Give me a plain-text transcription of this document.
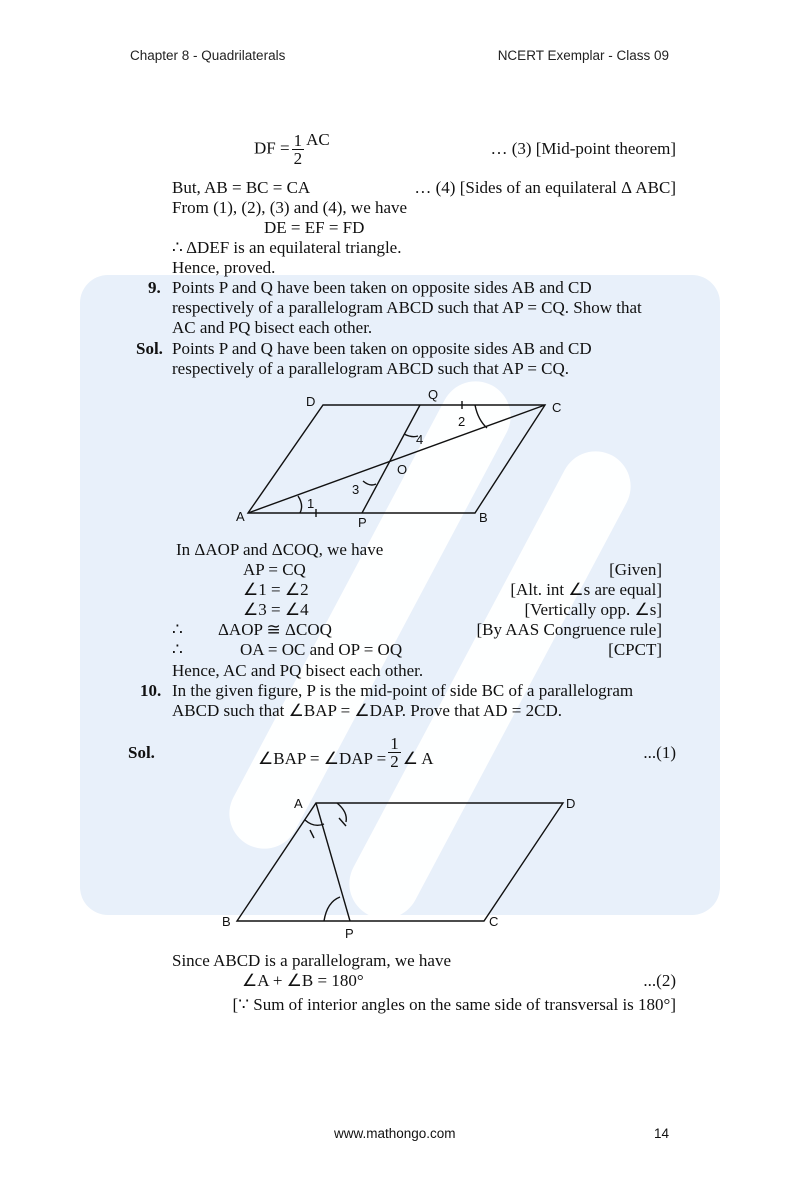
Chapter 8 - Quadrilaterals	NCERT Exemplar - Class 09
DF = $\frac{1}{2}$ AC	… (3) [Mid-point theorem]
But, AB = BC = CA	… (4) [Sides of an equilateral Δ ABC]
From (1), (2), (3) and (4), we have
DE = EF = FD
∴ ΔDEF is an equilateral triangle.
Hence, proved.
9. Points P and Q have been taken on opposite sides AB and CD
respectively of a parallelogram ABCD such that AP = CQ. Show that
AC and PQ bisect each other.
Sol. Points P and Q have been taken on opposite sides AB and CD
respectively of a parallelogram ABCD such that AP = CQ.
D	Q
C
A	P	B
O
1
2
3
4
A	D
B
P
C
In ΔAOP and ΔCOQ, we have
AP = CQ	[Given]
∠1 = ∠2	[Alt. int ∠s are equal]
∠3 = ∠4	[Vertically opp. ∠s]
∴ ΔAOP ≅ ΔCOQ	[By AAS Congruence rule]
∴	OA = OC and OP = OQ	[CPCT]
Hence, AC and PQ bisect each other.
10. In the given figure, P is the mid-point of side BC of a parallelogram
ABCD such that ∠BAP = ∠DAP. Prove that AD = 2CD.
Sol.	∠BAP = ∠DAP = $\frac{1}{2}$ ∠ A	...(1)
Since ABCD is a parallelogram, we have
∠A + ∠B = 180°	...(2)
[∵ Sum of interior angles on the same side of transversal is 180°]
www.mathongo.com	14
